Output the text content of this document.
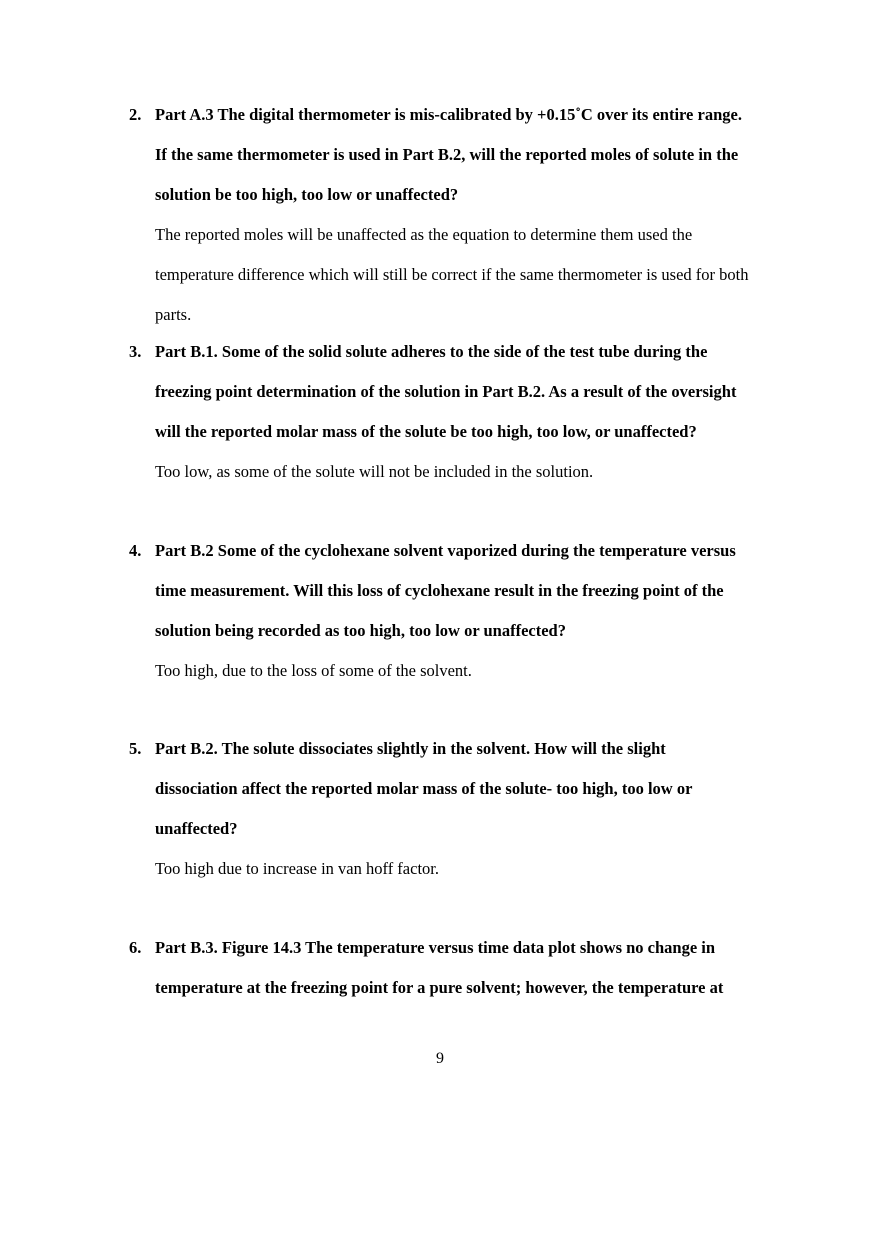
2. Part A.3 The digital thermometer is mis-calibrated by +0.15˚C over its entire range.
If the same thermometer is used in Part B.2, will the reported moles of solute in the
solution be too high, too low or unaffected?
The reported moles will be unaffected as the equation to determine them used the
temperature difference which will still be correct if the same thermometer is used for both
parts.
3. Part B.1. Some of the solid solute adheres to the side of the test tube during the
freezing point determination of the solution in Part B.2. As a result of the oversight
will the reported molar mass of the solute be too high, too low, or unaffected?
Too low, as some of the solute will not be included in the solution.
4. Part B.2 Some of the cyclohexane solvent vaporized during the temperature versus
time measurement. Will this loss of cyclohexane result in the freezing point of the
solution being recorded as too high, too low or unaffected?
Too high, due to the loss of some of the solvent.
5. Part B.2. The solute dissociates slightly in the solvent. How will the slight
dissociation affect the reported molar mass of the solute- too high, too low or
unaffected?
Too high due to increase in van hoff factor.
6. Part B.3. Figure 14.3 The temperature versus time data plot shows no change in
temperature at the freezing point for a pure solvent; however, the temperature at
9
